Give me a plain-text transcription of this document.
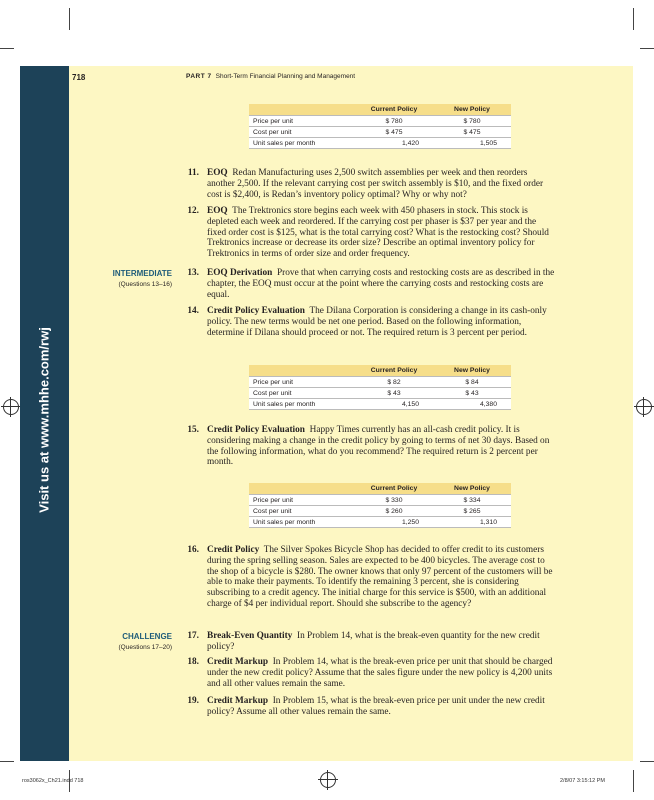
Visit us at www.mhhe.com/rwj
718	PART 7 Short-Term Financial Planning and Management
	Current Policy	New Policy
Price per unit	$ 780	$ 780
Cost per unit	$ 475	$ 475
Unit sales per month	1,420	1,505
11. EOQ Redan Manufacturing uses 2,500 switch assemblies per week and then reorders another 2,500. If the relevant carrying cost per switch assembly is $10, and the fixed order cost is $2,400, is Redan’s inventory policy optimal? Why or why not?
12. EOQ The Trektronics store begins each week with 450 phasers in stock. This stock is depleted each week and reordered. If the carrying cost per phaser is $37 per year and the fixed order cost is $125, what is the total carrying cost? What is the restocking cost? Should Trektronics increase or decrease its order size? Describe an optimal inventory policy for Trektronics in terms of order size and order frequency.
INTERMEDIATE
(Questions 13–16)
13. EOQ Derivation Prove that when carrying costs and restocking costs are as described in the chapter, the EOQ must occur at the point where the carrying costs and restocking costs are equal.
14. Credit Policy Evaluation The Dilana Corporation is considering a change in its cash-only policy. The new terms would be net one period. Based on the following information, determine if Dilana should proceed or not. The required return is 3 percent per period.
	Current Policy	New Policy
Price per unit	$ 82	$ 84
Cost per unit	$ 43	$ 43
Unit sales per month	4,150	4,380
15. Credit Policy Evaluation Happy Times currently has an all-cash credit policy. It is considering making a change in the credit policy by going to terms of net 30 days. Based on the following information, what do you recommend? The required return is 2 percent per month.
	Current Policy	New Policy
Price per unit	$ 330	$ 334
Cost per unit	$ 260	$ 265
Unit sales per month	1,250	1,310
16. Credit Policy The Silver Spokes Bicycle Shop has decided to offer credit to its customers during the spring selling season. Sales are expected to be 400 bicycles. The average cost to the shop of a bicycle is $280. The owner knows that only 97 percent of the customers will be able to make their payments. To identify the remaining 3 percent, she is considering subscribing to a credit agency. The initial charge for this service is $500, with an additional charge of $4 per individual report. Should she subscribe to the agency?
CHALLENGE
(Questions 17–20)
17. Break-Even Quantity In Problem 14, what is the break-even quantity for the new credit policy?
18. Credit Markup In Problem 14, what is the break-even price per unit that should be charged under the new credit policy? Assume that the sales figure under the new policy is 4,200 units and all other values remain the same.
19. Credit Markup In Problem 15, what is the break-even price per unit under the new credit policy? Assume all other values remain the same.
ros3062x_Ch21.indd 718	2/8/07 3:15:12 PM
